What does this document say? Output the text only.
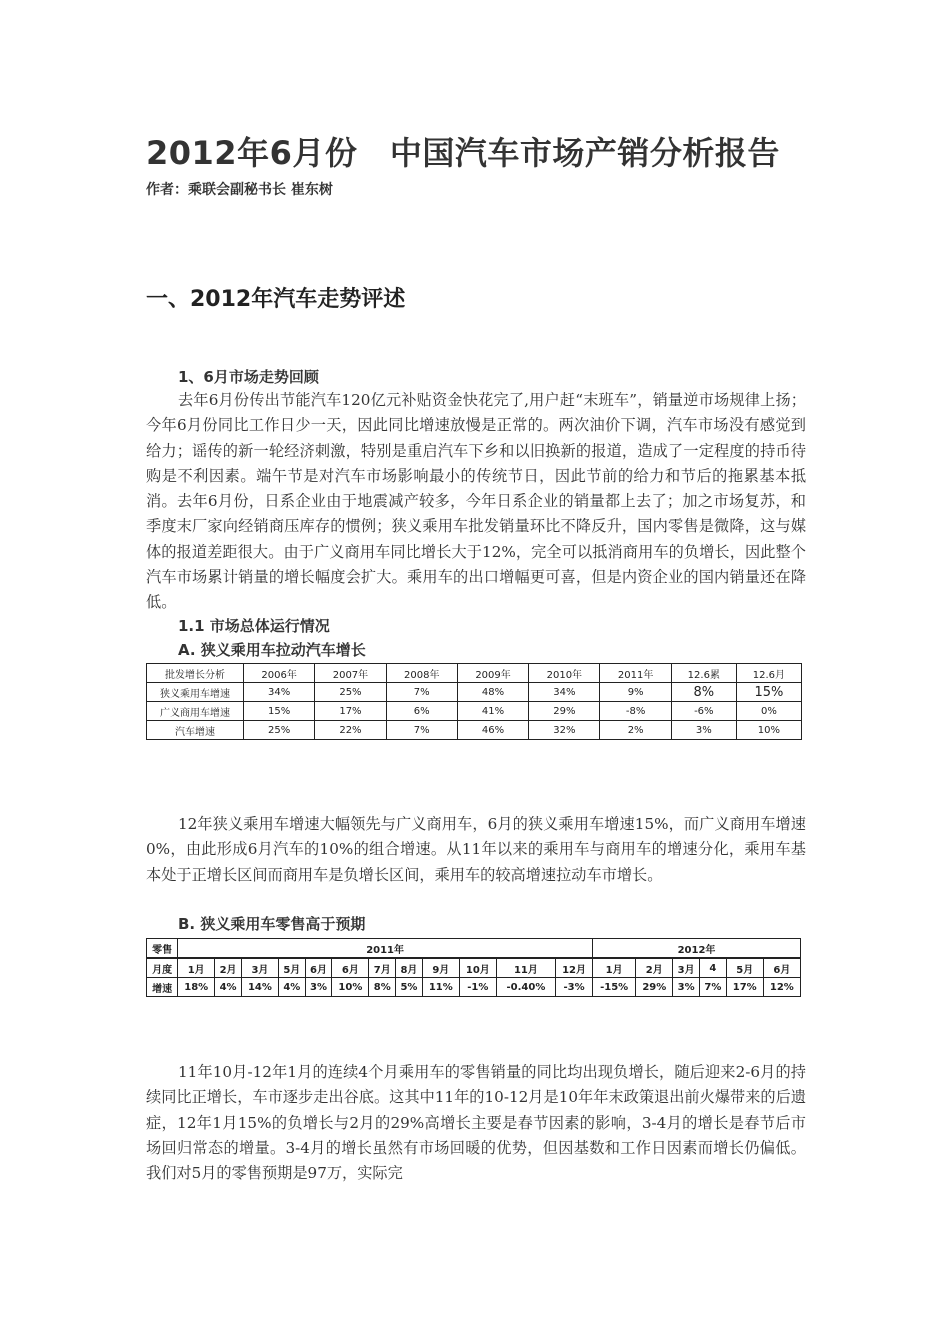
2012年6月份　中国汽车市场产销分析报告
作者：乘联会副秘书长 崔东树
一、2012年汽车走势评述
1、6月市场走势回顾
去年6月份传出节能汽车120亿元补贴资金快花完了,用户赶“末班车”，销量逆市场规律上扬；今年6月份同比工作日少一天，因此同比增速放慢是正常的。两次油价下调，汽车市场没有感觉到给力；谣传的新一轮经济刺激，特别是重启汽车下乡和以旧换新的报道，造成了一定程度的持币待购是不利因素。端午节是对汽车市场影响最小的传统节日，因此节前的给力和节后的拖累基本抵消。去年6月份，日系企业由于地震减产较多，今年日系企业的销量都上去了；加之市场复苏，和季度末厂家向经销商压库存的惯例；狭义乘用车批发销量环比不降反升，国内零售是微降，这与媒体的报道差距很大。由于广义商用车同比增长大于12%，完全可以抵消商用车的负增长，因此整个汽车市场累计销量的增长幅度会扩大。乘用车的出口增幅更可喜，但是内资企业的国内销量还在降低。
1.1 市场总体运行情况
A. 狭义乘用车拉动汽车增长
批发增长分析	2006年	2007年	2008年	2009年	2010年	2011年	12.6累	12.6月
狭义乘用车增速	34%	25%	7%	48%	34%	9%	8%	15%
广义商用车增速	15%	17%	6%	41%	29%	-8%	-6%	0%
汽车增速	25%	22%	7%	46%	32%	2%	3%	10%
12年狭义乘用车增速大幅领先与广义商用车，6月的狭义乘用车增速15%，而广义商用车增速0%，由此形成6月汽车的10%的组合增速。从11年以来的乘用车与商用车的增速分化，乘用车基本处于正增长区间而商用车是负增长区间，乘用车的较高增速拉动车市增长。
B. 狭义乘用车零售高于预期
零售	2011年												2012年					
月度	1月	2月	3月	5月	6月	6月	7月	8月	9月	10月	11月	12月	1月	2月	3月	4	5月	6月
增速	18%	4%	14%	4%	3%	10%	8%	5%	11%	-1%	-0.40%	-3%	-15%	29%	3%	7%	17%	12%
11年10月-12年1月的连续4个月乘用车的零售销量的同比均出现负增长，随后迎来2-6月的持续同比正增长，车市逐步走出谷底。这其中11年的10-12月是10年年末政策退出前火爆带来的后遗症，12年1月15%的负增长与2月的29%高增长主要是春节因素的影响，3-4月的增长是春节后市场回归常态的增量。3-4月的增长虽然有市场回暖的优势，但因基数和工作日因素而增长仍偏低。我们对5月的零售预期是97万，实际完
